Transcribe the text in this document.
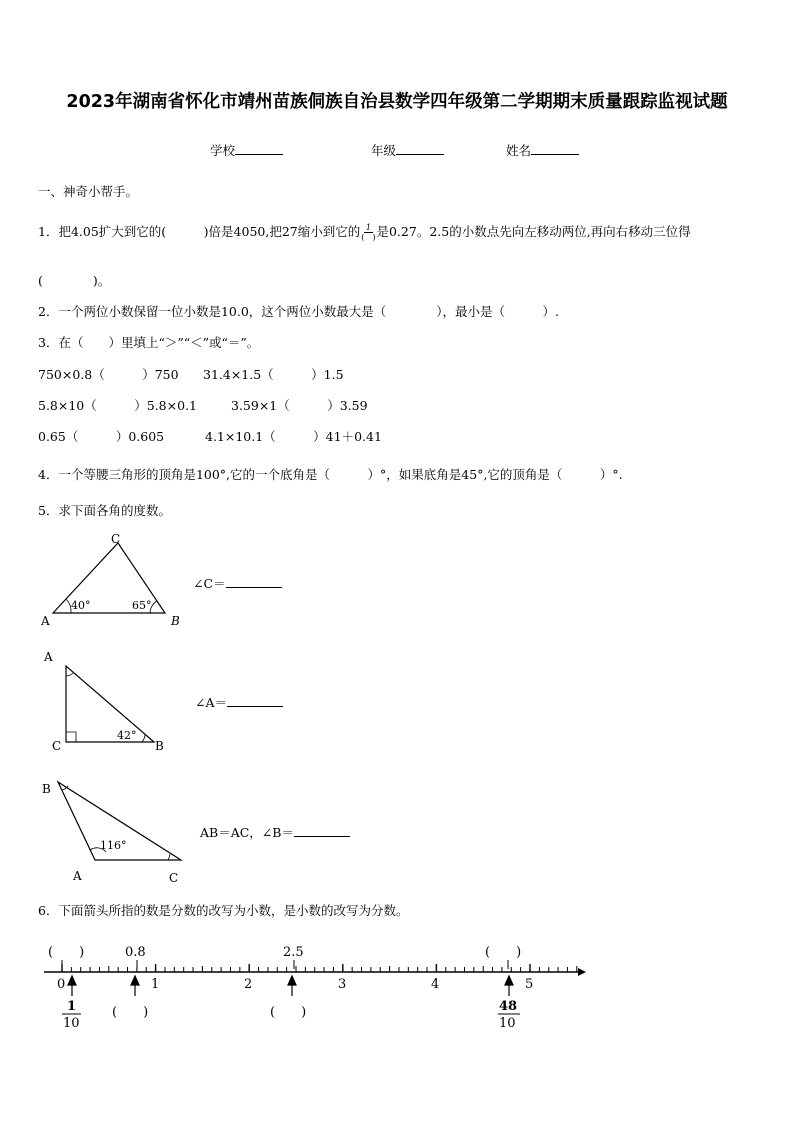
2023年湖南省怀化市靖州苗族侗族自治县数学四年级第二学期期末质量跟踪监视试题
学校	年级	姓名
一、神奇小帮手。
1．把4.05扩大到它的(　　　)倍是4050,把27缩小到它的 $\frac{1}{( )}$ 是0.27。2.5的小数点先向左移动两位,再向右移动三位得
(　　　　)。
2．一个两位小数保留一位小数是10.0，这个两位小数最大是（　　　　），最小是（　　　）.
3．在（　　）里填上“＞”“＜”或“＝”。
750×0.8（　　　）750 31.4×1.5（　　　）1.5
5.8×10（　　　）5.8×0.1	3.59×1（　　　）3.59
0.65（　　　）0.605	4.1×10.1（　　　）41＋0.41
4．一个等腰三角形的顶角是100°,它的一个底角是（　　　）°，如果底角是45°,它的顶角是（　　　）°.
5．求下面各角的度数。
A	B
C
40°	65°
∠C＝
A
C	B
42°
∠A＝
B
A	C
116°
AB＝AC，∠B＝
6．下面箭头所指的数是分数的改写为小数，是小数的改写为分数。
(　　)	0.8	2.5	(　　)
0	1	2	3	4	5
1
10
(　　)	(　　)	48
10
